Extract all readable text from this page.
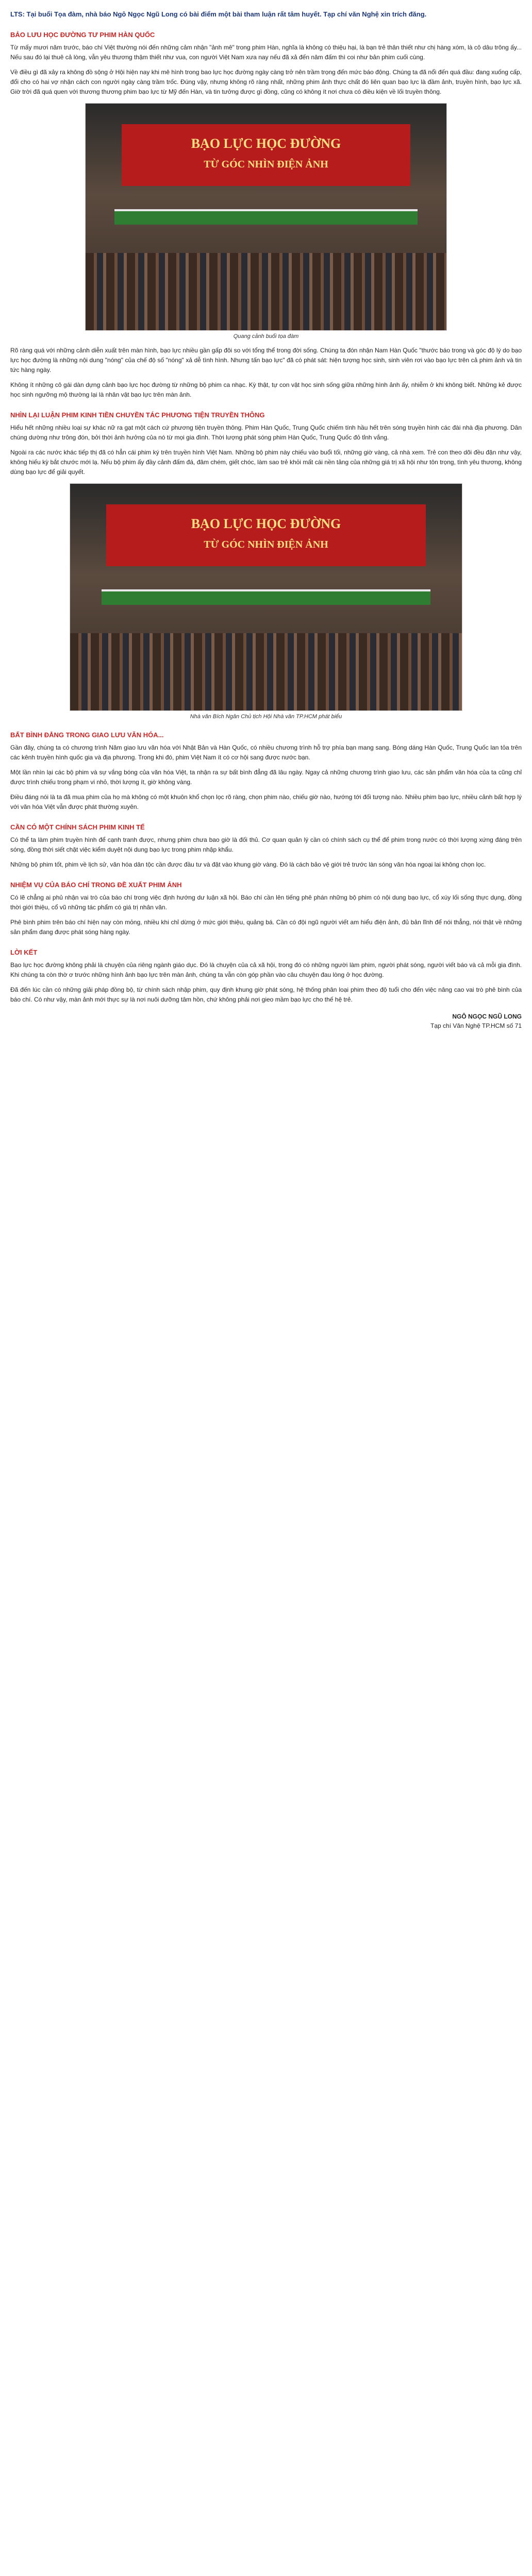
LTS: Tại buổi Tọa đàm, nhà báo Ngô Ngọc Ngũ Long có bài điểm một bài tham luận rất tâm huyết. Tạp chí văn Nghệ xin trích đăng.

BẢO LƯU HỌC ĐƯỜNG TƯ PHIM HÀN QUỐC

Từ mấy mươi năm trước, báo chí Việt thường nói đến những cảm nhận "ảnh mê" trong phim Hàn, nghĩa là không có thiệu hại, là bạn trẻ thân thiết như chị hàng xóm, là cô dâu trông ấy... Nếu sau đó lại thuê cả lòng, vẫn yêu thương thậm thiết như vua, con người Việt Nam xưa nay nếu đã xả đến nâm đấm thì coi như bản phim cuối cùng.

Về điều gì đã xảy ra không đồ sộng ở Hội hiện nay khi mê hình trong bao lực học đường ngày càng trở nên trầm trọng đến mức báo động. Chúng ta đã nổi đến quá đầu: đang xuống cấp, đổi cho có hai vợ nhận cách con người ngày càng trầm trốc. Đúng vậy, nhưng không rõ ràng nhất, những phim ảnh thực chất đó liên quan bạo lực là đầm ảnh, truyền hình, bạo lực xã. Giờ trời đã quá quen với thương thương phim bạo lực từ Mỹ đến Hàn, và tin tưởng được gì đồng, cũng có không ít nơi chưa có điều kiện về lối truyền thông.

BẠO LỰC HỌC ĐƯỜNG
TỪ GÓC NHÌN ĐIỆN ẢNH
Quang cảnh buổi tọa đàm

Rõ ràng quá với những cảnh diễn xuất trên màn hình, bạo lực nhiều gần gấp đôi so với tổng thể trong đời sống. Chúng ta đón nhận Nam Hàn Quốc "thước báo trong và góc độ lý do bạo lực học đường là những nội dung "nóng" của chế độ số "nóng" xả dễ tình hình. Nhưng tấn bạo lực" đã có phát sát: hiện tượng học sinh, sinh viên rơi vào bạo lực trên cả phim ảnh và tin tức hàng ngày.

Không ít những cô gái dàn dựng cảnh bạo lực học đường từ những bộ phim ca nhạc. Kỳ thật, tự con vật học sinh sống giữa những hình ảnh ấy, nhiễm ở khi không biết. Những kẻ được học sinh ngưỡng mộ thường lại là nhân vật bạo lực trên màn ảnh.

NHÌN LẠI LUẬN PHIM KINH TIỀN CHUYỀN TÁC PHƯƠNG TIỆN TRUYỀN THÔNG

Hiểu hết những nhiều loại sự khác nữ ra gạt một cách cứ phương tiện truyền thông. Phim Hàn Quốc, Trung Quốc chiếm tính hầu hết trên sóng truyền hình các đài nhà địa phương. Dân chúng dường như trông đón, bởi thời ảnh hưởng của nó từ mọi gia đình. Thời lượng phát sóng phim Hàn Quốc, Trung Quốc đỏ tỉnh vắng.

Ngoài ra các nước khác tiếp thị đã có hẳn cái phim ký trên truyền hình Việt Nam. Những bộ phim này chiếu vào buổi tối, những giờ vàng, cả nhà xem. Trẻ con theo dõi đều đặn như vậy, không hiếu kỳ bắt chước mới lạ. Nếu bộ phim ấy đầy cảnh đấm đá, đâm chém, giết chóc, làm sao trẻ khỏi mất cái nền tảng của những giá trị xã hội như tôn trọng, tình yêu thương, không dùng bạo lực để giải quyết.

BẠO LỰC HỌC ĐƯỜNG
TỪ GÓC NHÌN ĐIỆN ẢNH
Nhà văn Bích Ngân Chủ tịch Hội Nhà văn TP.HCM phát biểu
BẤT BÌNH ĐẲNG TRONG GIAO LƯU VĂN HÓA...

Gần đây, chúng ta có chương trình Năm giao lưu văn hóa với Nhật Bản và Hàn Quốc, có nhiều chương trình hỗ trợ phía bạn mang sang. Bóng dáng Hàn Quốc, Trung Quốc lan tỏa trên các kênh truyền hình quốc gia và địa phương. Trong khi đó, phim Việt Nam ít có cơ hội sang được nước bạn.

Một lần nhìn lại các bộ phim và sự vắng bóng của văn hóa Việt, ta nhận ra sự bất bình đẳng đã lâu ngày. Ngay cả những chương trình giao lưu, các sản phẩm văn hóa của ta cũng chỉ được trình chiếu trong phạm vi nhỏ, thời lượng ít, giờ không vàng.

Điều đáng nói là ta đã mua phim của họ mà không có một khuôn khổ chọn lọc rõ ràng, chọn phim nào, chiếu giờ nào, hướng tới đối tượng nào. Nhiều phim bạo lực, nhiều cảnh bất hợp lý với văn hóa Việt vẫn được phát thường xuyên.

CẦN CÓ MỘT CHÍNH SÁCH PHIM KINH TẾ

Có thể ta làm phim truyền hình để cạnh tranh được, nhưng phim chưa bao giờ là đối thủ. Cơ quan quản lý cần có chính sách cụ thể để phim trong nước có thời lượng xứng đáng trên sóng, đồng thời siết chặt việc kiểm duyệt nội dung bạo lực trong phim nhập khẩu.

Những bộ phim tốt, phim về lịch sử, văn hóa dân tộc cần được đầu tư và đặt vào khung giờ vàng. Đó là cách bảo vệ giới trẻ trước làn sóng văn hóa ngoại lai không chọn lọc.

NHIỆM VỤ CỦA BÁO CHÍ TRONG ĐỀ XUẤT PHIM ẢNH

Có lẽ chẳng ai phủ nhận vai trò của báo chí trong việc định hướng dư luận xã hội. Báo chí cần lên tiếng phê phán những bộ phim có nội dung bạo lực, cổ xúy lối sống thực dụng, đồng thời giới thiệu, cổ vũ những tác phẩm có giá trị nhân văn.

Phê bình phim trên báo chí hiện nay còn mỏng, nhiều khi chỉ dừng ở mức giới thiệu, quảng bá. Cần có đội ngũ người viết am hiểu điện ảnh, đủ bản lĩnh để nói thẳng, nói thật về những sản phẩm đang được phát sóng hàng ngày.

LỜI KẾT

Bạo lực học đường không phải là chuyện của riêng ngành giáo dục. Đó là chuyện của cả xã hội, trong đó có những người làm phim, người phát sóng, người viết báo và cả mỗi gia đình. Khi chúng ta còn thờ ơ trước những hình ảnh bạo lực trên màn ảnh, chúng ta vẫn còn góp phần vào câu chuyện đau lòng ở học đường.

Đã đến lúc cần có những giải pháp đồng bộ, từ chính sách nhập phim, quy định khung giờ phát sóng, hệ thống phân loại phim theo độ tuổi cho đến việc nâng cao vai trò phê bình của báo chí. Có như vậy, màn ảnh mới thực sự là nơi nuôi dưỡng tâm hồn, chứ không phải nơi gieo mầm bạo lực cho thế hệ trẻ.

NGÔ NGỌC NGŨ LONG
Tạp chí Văn Nghệ TP.HCM số 71
